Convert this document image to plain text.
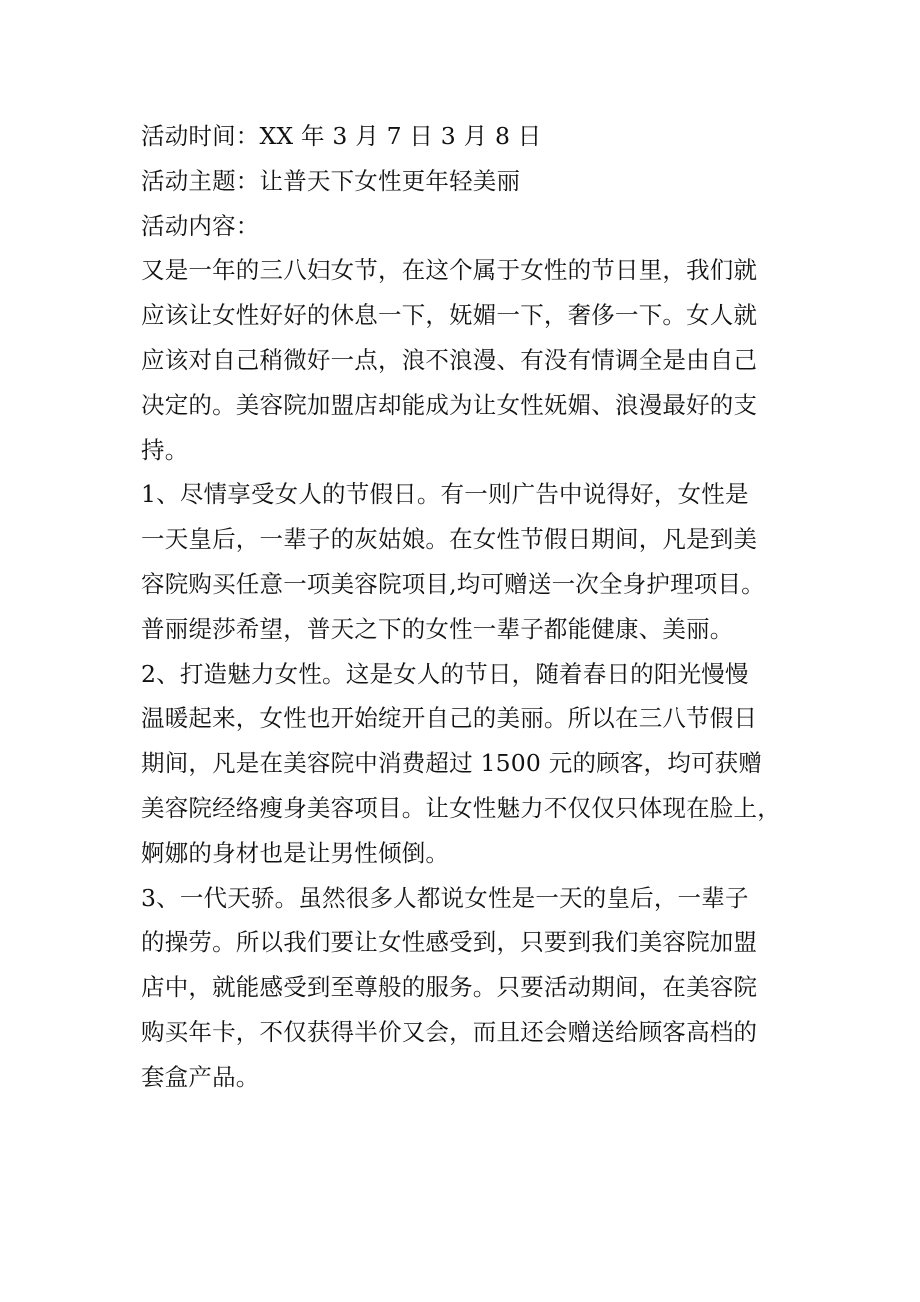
活动时间：XX 年 3 月 7 日 3 月 8 日
活动主题：让普天下女性更年轻美丽
活动内容：
又是一年的三八妇女节，在这个属于女性的节日里，我们就
应该让女性好好的休息一下，妩媚一下，奢侈一下。女人就
应该对自己稍微好一点，浪不浪漫、有没有情调全是由自己
决定的。美容院加盟店却能成为让女性妩媚、浪漫最好的支
持。
1、尽情享受女人的节假日。有一则广告中说得好，女性是
一天皇后，一辈子的灰姑娘。在女性节假日期间，凡是到美
容院购买任意一项美容院项目,均可赠送一次全身护理项目。
普丽缇莎希望，普天之下的女性一辈子都能健康、美丽。
2、打造魅力女性。这是女人的节日，随着春日的阳光慢慢
温暖起来，女性也开始绽开自己的美丽。所以在三八节假日
期间，凡是在美容院中消费超过 1500 元的顾客，均可获赠
美容院经络瘦身美容项目。让女性魅力不仅仅只体现在脸上，
婀娜的身材也是让男性倾倒。
3、一代天骄。虽然很多人都说女性是一天的皇后，一辈子
的操劳。所以我们要让女性感受到，只要到我们美容院加盟
店中，就能感受到至尊般的服务。只要活动期间，在美容院
购买年卡，不仅获得半价又会，而且还会赠送给顾客高档的
套盒产品。
